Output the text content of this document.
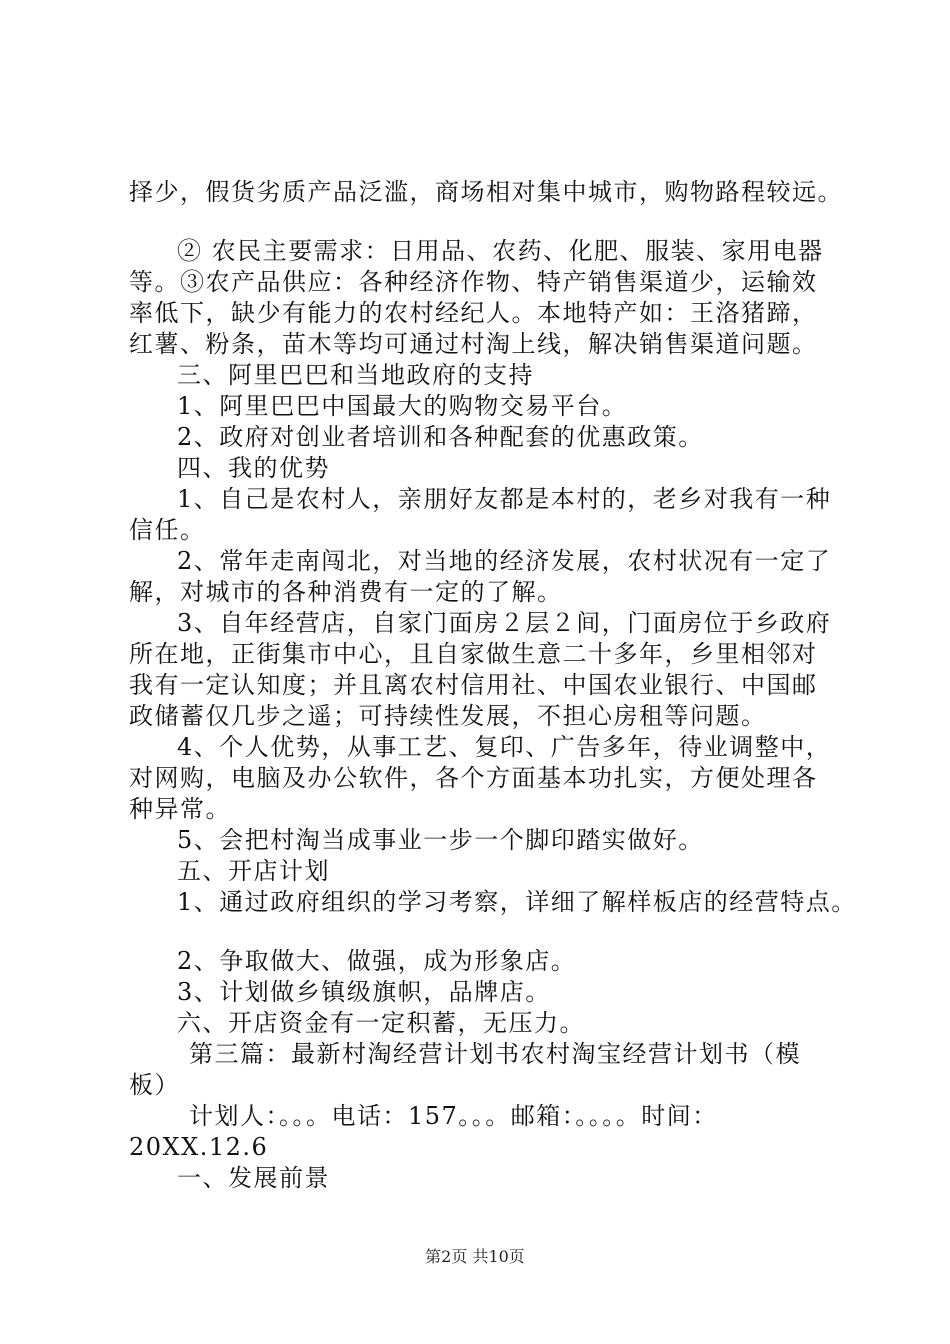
择少，假货劣质产品泛滥，商场相对集中城市，购物路程较远。
② 农民主要需求：日用品、农药、化肥、服装、家用电器
等。③农产品供应：各种经济作物、特产销售渠道少，运输效
率低下，缺少有能力的农村经纪人。本地特产如：王洛猪蹄，
红薯、粉条，苗木等均可通过村淘上线，解决销售渠道问题。
三、阿里巴巴和当地政府的支持
1、阿里巴巴中国最大的购物交易平台。
2、政府对创业者培训和各种配套的优惠政策。
四、我的优势
1、自己是农村人，亲朋好友都是本村的，老乡对我有一种
信任。
2、常年走南闯北，对当地的经济发展，农村状况有一定了
解，对城市的各种消费有一定的了解。
3、自年经营店，自家门面房２层２间，门面房位于乡政府
所在地，正街集市中心，且自家做生意二十多年，乡里相邻对
我有一定认知度；并且离农村信用社、中国农业银行、中国邮
政储蓄仅几步之遥；可持续性发展，不担心房租等问题。
4、个人优势，从事工艺、复印、广告多年，待业调整中，
对网购，电脑及办公软件，各个方面基本功扎实，方便处理各
种异常。
5、会把村淘当成事业一步一个脚印踏实做好。
五、开店计划
1、通过政府组织的学习考察，详细了解样板店的经营特点。
2、争取做大、做强，成为形象店。
3、计划做乡镇级旗帜，品牌店。
六、开店资金有一定积蓄，无压力。
第三篇：最新村淘经营计划书农村淘宝经营计划书（模
板）
计划人：。。。电话：157。。。邮箱：。。。。时间：
20XX.12.6
一、发展前景
第2页 共10页
